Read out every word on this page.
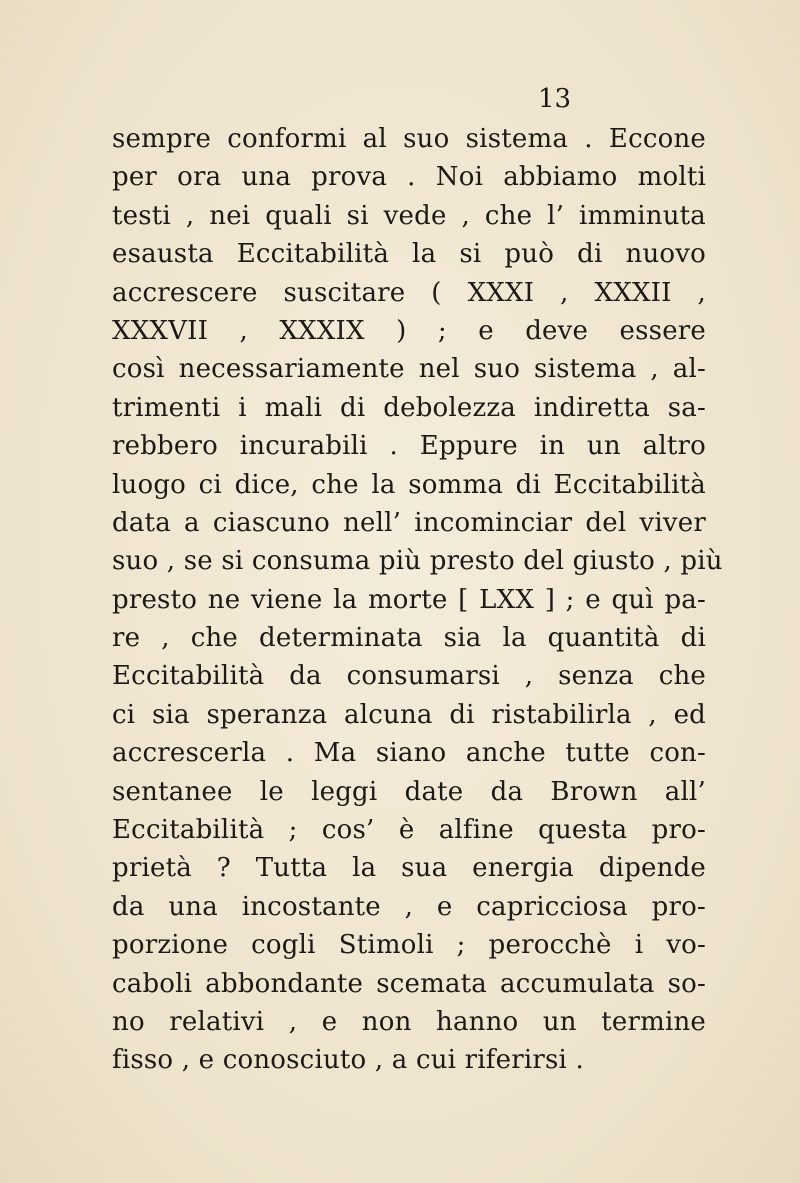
13
sempre conformi al suo sistema . Eccone
per ora una prova . Noi abbiamo molti
testi , nei quali si vede , che l’ imminuta
esausta Eccitabilità la si può di nuovo
accrescere suscitare ( XXXI , XXXII ,
XXXVII , XXXIX ) ; e deve essere
così necessariamente nel suo sistema , al-
trimenti i mali di debolezza indiretta sa-
rebbero incurabili . Eppure in un altro
luogo ci dice, che la somma di Eccitabilità
data a ciascuno nell’ incominciar del viver
suo , se si consuma più presto del giusto , più
presto ne viene la morte [ LXX ] ; e quì pa-
re , che determinata sia la quantità di
Eccitabilità da consumarsi , senza che
ci sia speranza alcuna di ristabilirla , ed
accrescerla . Ma siano anche tutte con-
sentanee le leggi date da Brown all’
Eccitabilità ; cos’ è alfine questa pro-
prietà ? Tutta la sua energia dipende
da una incostante , e capricciosa pro-
porzione cogli Stimoli ; perocchè i vo-
caboli abbondante scemata accumulata so-
no relativi , e non hanno un termine
fisso , e conosciuto , a cui riferirsi .
